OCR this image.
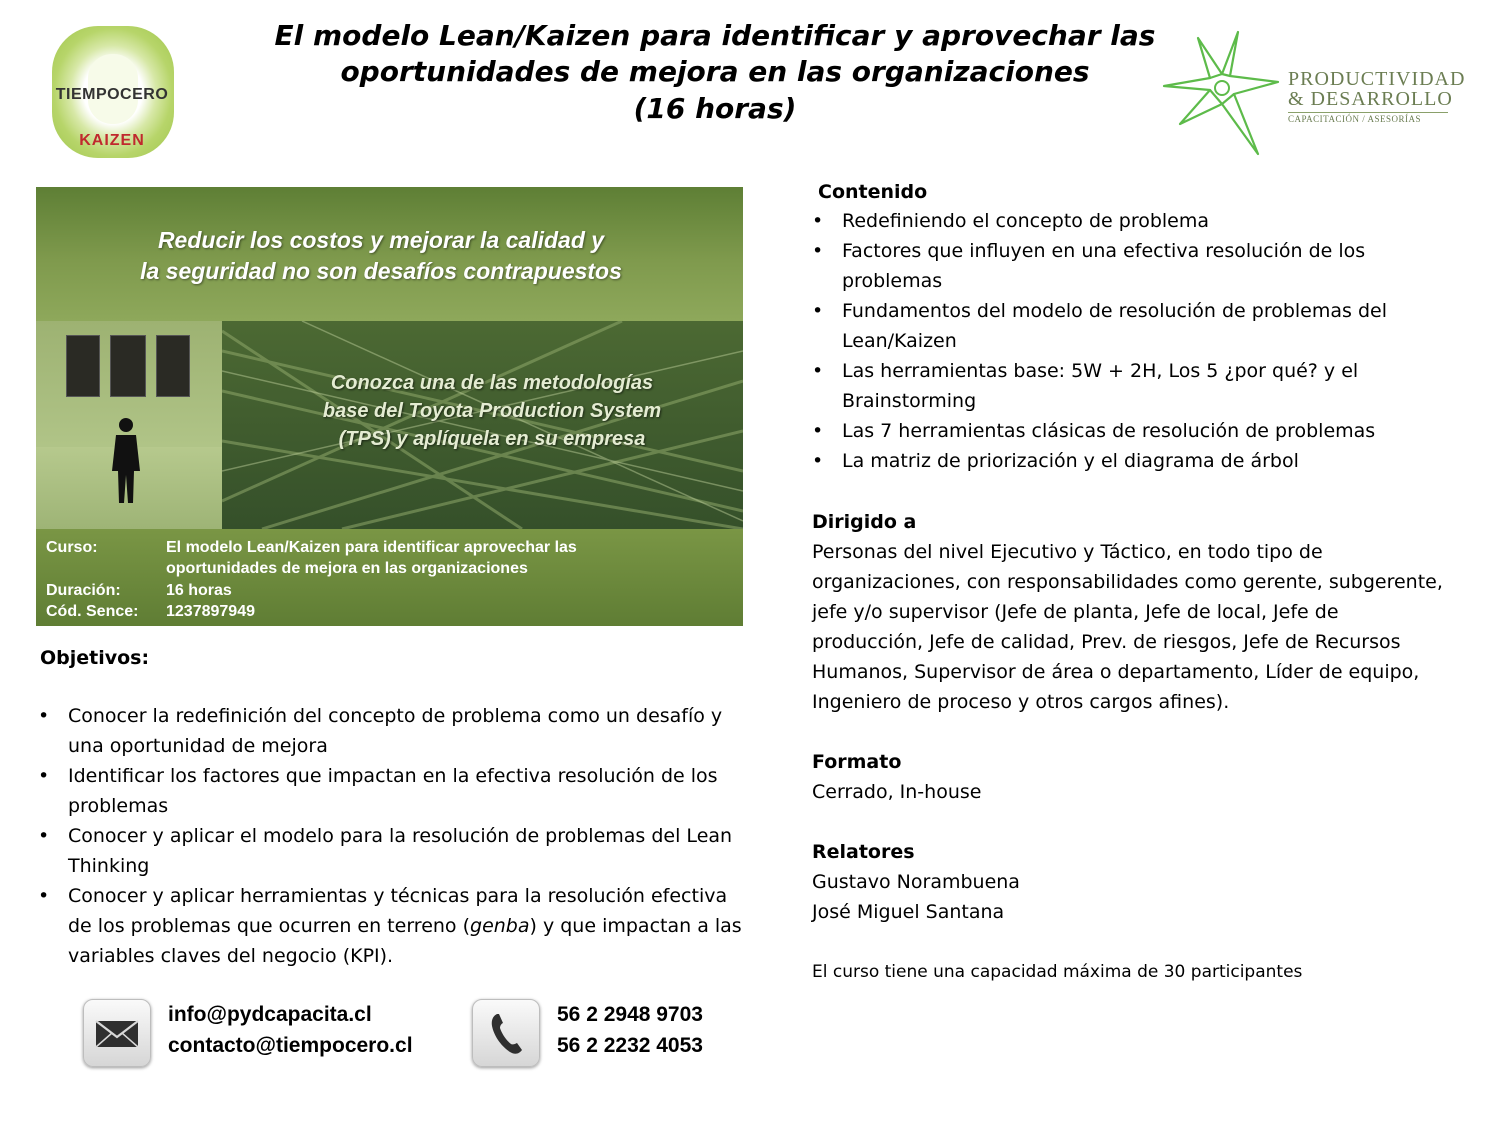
TIEMPOCERO
KAIZEN
El modelo Lean/Kaizen para identificar y aprovechar las
oportunidades de mejora en las organizaciones
(16 horas)
PRODUCTIVIDAD
& DESARROLLO
CAPACITACIÓN / ASESORÍAS
Reducir los costos y mejorar la calidad y
la seguridad no son desafíos contrapuestos
Conozca una de las metodologías
base del Toyota Production System
(TPS) y aplíquela en su empresa
Curso:	El modelo Lean/Kaizen para identificar aprovechar las
oportunidades de mejora en las organizaciones
Duración:	16 horas
Cód. Sence: 1237897949
Objetivos:
• Conocer la redefinición del concepto de problema como un desafío y una oportunidad de mejora
• Identificar los factores que impactan en la efectiva resolución de los problemas
• Conocer y aplicar el modelo para la resolución de problemas del Lean Thinking
• Conocer y aplicar herramientas y técnicas para la resolución efectiva de los problemas que ocurren en terreno (genba) y que impactan a las variables claves del negocio (KPI).
Contenido
• Redefiniendo el concepto de problema
• Factores que influyen en una efectiva resolución de los problemas
• Fundamentos del modelo de resolución de problemas del Lean/Kaizen
• Las herramientas base: 5W + 2H, Los 5 ¿por qué? y el Brainstorming
• Las 7 herramientas clásicas de resolución de problemas
• La matriz de priorización y el diagrama de árbol
Dirigido a
Personas del nivel Ejecutivo y Táctico, en todo tipo de organizaciones, con responsabilidades como gerente, subgerente, jefe y/o supervisor (Jefe de planta, Jefe de local, Jefe de producción, Jefe de calidad, Prev. de riesgos, Jefe de Recursos Humanos, Supervisor de área o departamento, Líder de equipo, Ingeniero de proceso y otros cargos afines).
Formato
Cerrado, In-house
Relatores
Gustavo Norambuena
José Miguel Santana
El curso tiene una capacidad máxima de 30 participantes
info@pydcapacita.cl
contacto@tiempocero.cl
56 2 2948 9703
56 2 2232 4053
